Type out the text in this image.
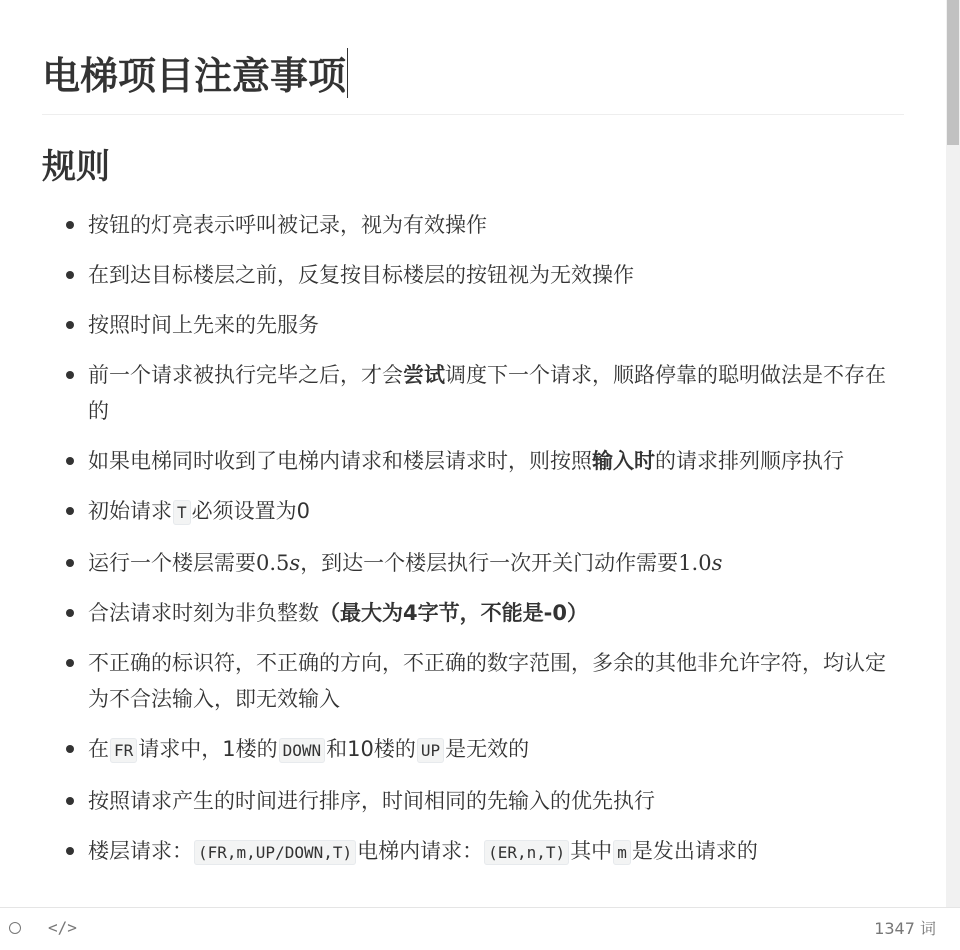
电梯项目注意事项
规则
按钮的灯亮表示呼叫被记录，视为有效操作
在到达目标楼层之前，反复按目标楼层的按钮视为无效操作
按照时间上先来的先服务
前一个请求被执行完毕之后，才会尝试调度下一个请求，顺路停靠的聪明做法是不存在的
如果电梯同时收到了电梯内请求和楼层请求时，则按照输入时的请求排列顺序执行
初始请求 T 必须设置为0
运行一个楼层需要0.5s，到达一个楼层执行一次开关门动作需要1.0s
合法请求时刻为非负整数（最大为4字节，不能是-0）
不正确的标识符，不正确的方向，不正确的数字范围，多余的其他非允许字符，均认定为不合法输入，即无效输入
在 FR 请求中，1楼的 DOWN 和10楼的 UP 是无效的
按照请求产生的时间进行排序，时间相同的先输入的优先执行
楼层请求： (FR,m,UP/DOWN,T) 电梯内请求： (ER,n,T) 其中 m 是发出请求的
</>	1347 词
